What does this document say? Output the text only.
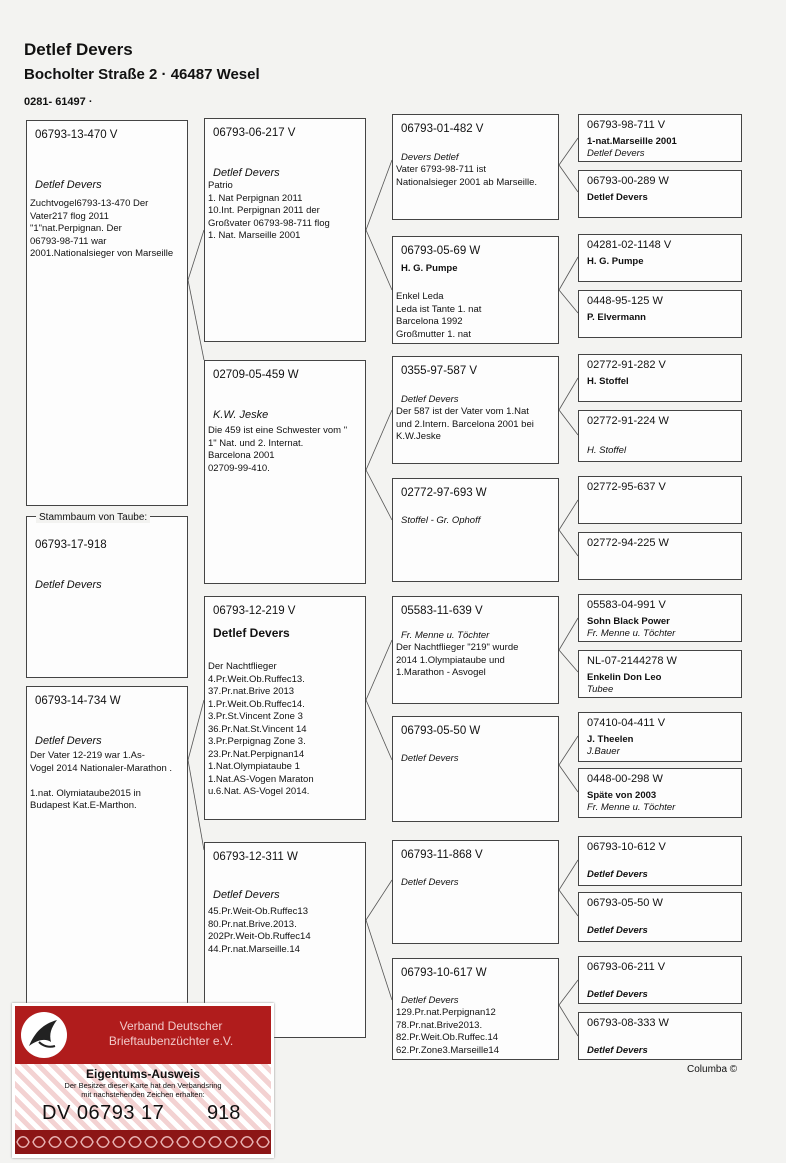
Detlef Devers
Bocholter Straße 2 · 46487 Wesel
0281- 61497 ·
06793-13-470 V
Detlef Devers
Zuchtvogel6793-13-470 Der
Vater217 flog 2011
"1"nat.Perpignan. Der
06793-98-711 war
2001.Nationalsieger von Marseille
06793-17-918
Detlef Devers
Stammbaum von Taube:
06793-14-734 W
Detlef Devers
Der Vater 12-219 war 1.As-
Vogel 2014 Nationaler-Marathon .

1.nat. Olymiataube2015 in
Budapest Kat.E-Marthon.
06793-06-217 V
Detlef Devers
Patrio
1. Nat Perpignan 2011
10.Int. Perpignan 2011 der
Großvater 06793-98-711 flog
1. Nat. Marseille 2001
02709-05-459 W
K.W. Jeske
Die 459 ist eine Schwester vom "
1" Nat. und 2. Internat.
Barcelona 2001
02709-99-410.
06793-12-219 V
Detlef Devers
Der Nachtflieger
4.Pr.Weit.Ob.Ruffec13.
37.Pr.nat.Brive 2013
1.Pr.Weit.Ob.Ruffec14.
3.Pr.St.Vincent Zone 3
36.Pr.Nat.St.Vincent 14
3.Pr.Perpignag Zone 3.
23.Pr.Nat.Perpignan14
1.Nat.Olympiataube 1
1.Nat.AS-Vogen Maraton
u.6.Nat. AS-Vogel 2014.
06793-12-311 W
Detlef Devers
45.Pr.Weit-Ob.Ruffec13
80.Pr.nat.Brive.2013.
202Pr.Weit-Ob.Ruffec14
44.Pr.nat.Marseille.14
06793-01-482 V
Devers Detlef
Vater 6793-98-711 ist
Nationalsieger 2001 ab Marseille.
06793-05-69 W
H. G. Pumpe
Enkel Leda
Leda ist Tante 1. nat
Barcelona 1992
Großmutter 1. nat
0355-97-587 V
Detlef Devers
Der 587 ist der Vater vom 1.Nat
und 2.Intern. Barcelona 2001 bei
K.W.Jeske
02772-97-693 W
Stoffel - Gr. Ophoff
05583-11-639 V
Fr. Menne u. Töchter
Der Nachtflieger "219" wurde
2014 1.Olympiataube und
1.Marathon - Asvogel
06793-05-50 W
Detlef Devers
06793-11-868 V
Detlef Devers
06793-10-617 W
Detlef Devers
129.Pr.nat.Perpignan12
78.Pr.nat.Brive2013.
82.Pr.Weit.Ob.Ruffec.14
62.Pr.Zone3.Marseille14
06793-98-711 V
1-nat.Marseille 2001
Detlef Devers
06793-00-289 W
Detlef Devers
04281-02-1148 V
H. G. Pumpe
0448-95-125 W
P. Elvermann
02772-91-282 V
H. Stoffel
02772-91-224 W
H. Stoffel
02772-95-637 V
02772-94-225 W
05583-04-991 V
Sohn Black Power
Fr. Menne u. Töchter
NL-07-2144278 W
Enkelin Don Leo
Tubee
07410-04-411 V
J. Theelen
J.Bauer
0448-00-298 W
Späte von 2003
Fr. Menne u. Töchter
06793-10-612 V
Detlef Devers
06793-05-50 W
Detlef Devers
06793-06-211 V
Detlef Devers
06793-08-333 W
Detlef Devers
Columba ©
Verband Deutscher
Brieftaubenzüchter e.V.
Eigentums-Ausweis
Der Besitzer dieser Karte hat den Verbandsring
mit nachstehenden Zeichen erhalten:
DV 06793 17 918
